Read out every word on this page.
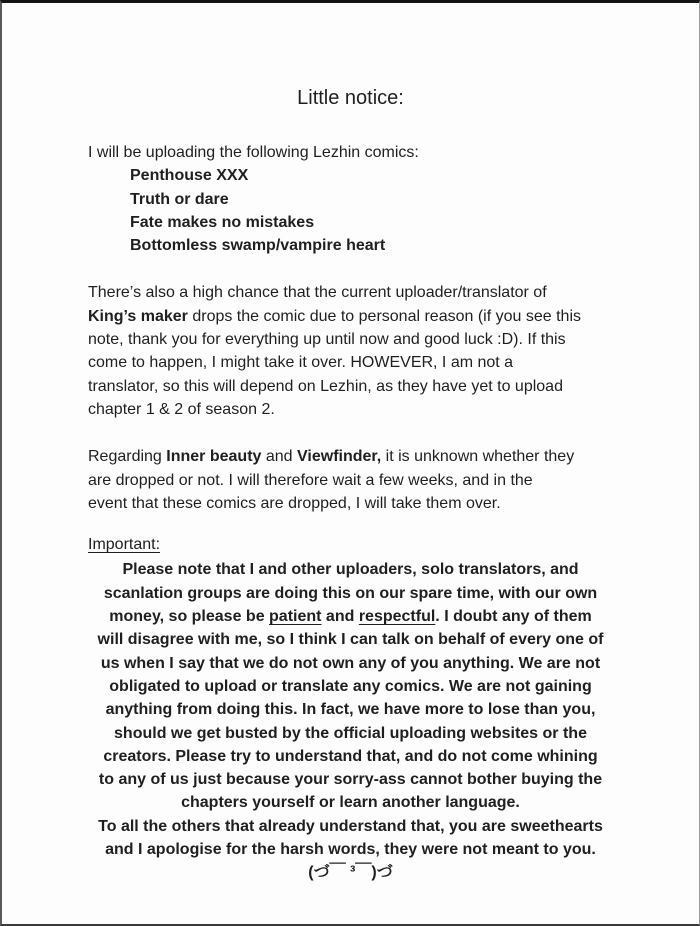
Little notice:
I will be uploading the following Lezhin comics:
Penthouse XXX
Truth or dare
Fate makes no mistakes
Bottomless swamp/vampire heart
There’s also a high chance that the current uploader/translator of
King’s maker drops the comic due to personal reason (if you see this
note, thank you for everything up until now and good luck :D). If this
come to happen, I might take it over. HOWEVER, I am not a
translator, so this will depend on Lezhin, as they have yet to upload
chapter 1 & 2 of season 2.
Regarding Inner beauty and Viewfinder, it is unknown whether they
are dropped or not. I will therefore wait a few weeks, and in the
event that these comics are dropped, I will take them over.
Important:
Please note that I and other uploaders, solo translators, and
scanlation groups are doing this on our spare time, with our own
money, so please be patient and respectful. I doubt any of them
will disagree with me, so I think I can talk on behalf of every one of
us when I say that we do not own any of you anything. We are not
obligated to upload or translate any comics. We are not gaining
anything from doing this. In fact, we have more to lose than you,
should we get busted by the official uploading websites or the
creators. Please try to understand that, and do not come whining
to any of us just because your sorry-ass cannot bother buying the
chapters yourself or learn another language.
To all the others that already understand that, you are sweethearts
and I apologise for the harsh words, they were not meant to you.
(づ￣ ³￣)づ
